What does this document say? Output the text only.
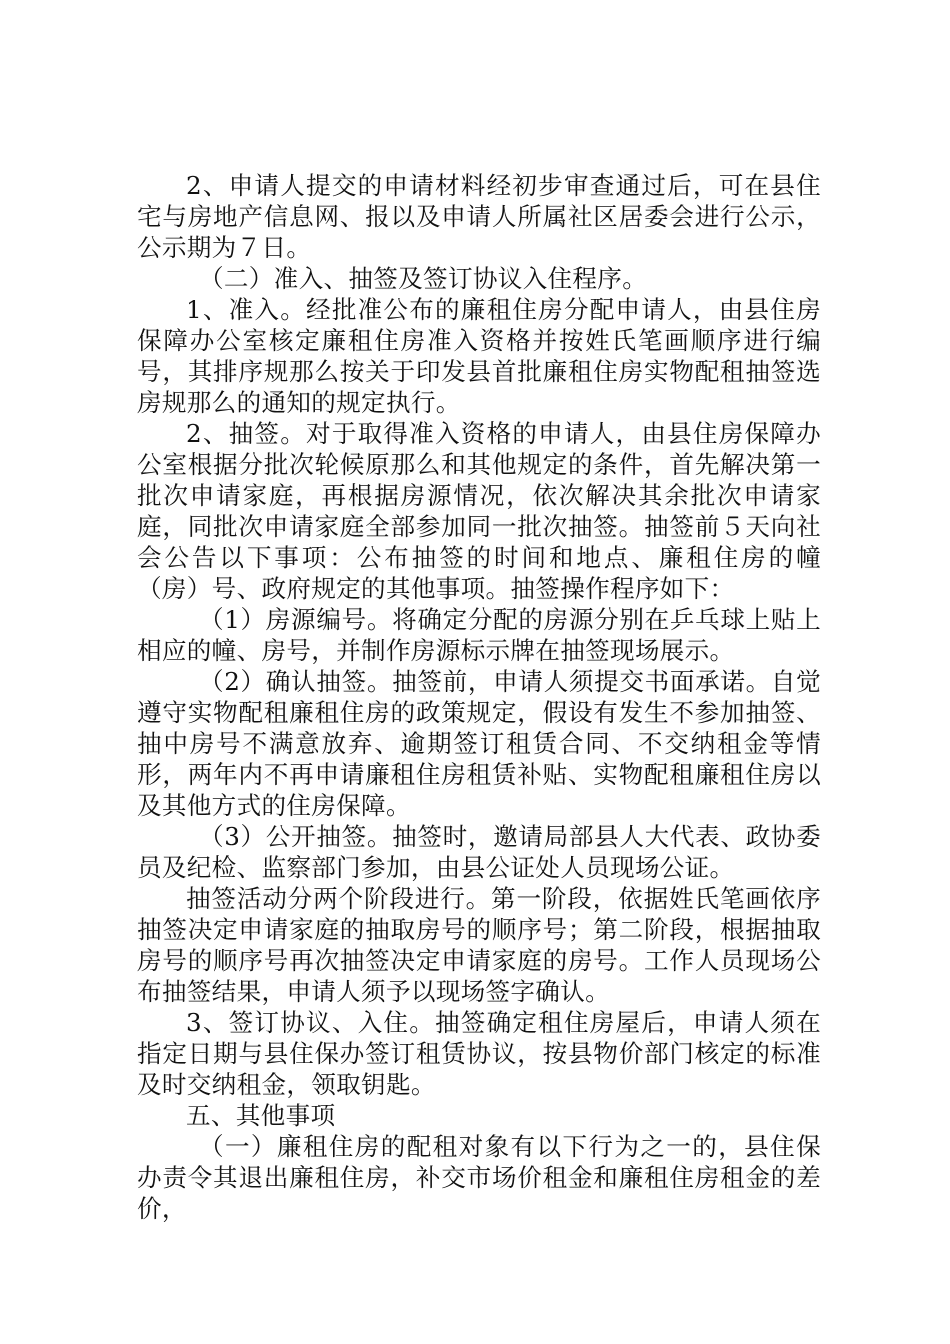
2、申请人提交的申请材料经初步审查通过后，可在县住宅与房地产信息网、报以及申请人所属社区居委会进行公示，公示期为７日。

（二）准入、抽签及签订协议入住程序。

1、准入。经批准公布的廉租住房分配申请人，由县住房保障办公室核定廉租住房准入资格并按姓氏笔画顺序进行编号，其排序规那么按关于印发县首批廉租住房实物配租抽签选房规那么的通知的规定执行。

2、抽签。对于取得准入资格的申请人，由县住房保障办公室根据分批次轮候原那么和其他规定的条件，首先解决第一批次申请家庭，再根据房源情况，依次解决其余批次申请家庭，同批次申请家庭全部参加同一批次抽签。抽签前５天向社会公告以下事项：公布抽签的时间和地点、廉租住房的幢（房）号、政府规定的其他事项。抽签操作程序如下：

（1）房源编号。将确定分配的房源分别在乒乓球上贴上相应的幢、房号，并制作房源标示牌在抽签现场展示。

（2）确认抽签。抽签前，申请人须提交书面承诺。自觉遵守实物配租廉租住房的政策规定，假设有发生不参加抽签、抽中房号不满意放弃、逾期签订租赁合同、不交纳租金等情形，两年内不再申请廉租住房租赁补贴、实物配租廉租住房以及其他方式的住房保障。

（3）公开抽签。抽签时，邀请局部县人大代表、政协委员及纪检、监察部门参加，由县公证处人员现场公证。

抽签活动分两个阶段进行。第一阶段，依据姓氏笔画依序抽签决定申请家庭的抽取房号的顺序号；第二阶段，根据抽取房号的顺序号再次抽签决定申请家庭的房号。工作人员现场公布抽签结果，申请人须予以现场签字确认。

3、签订协议、入住。抽签确定租住房屋后，申请人须在指定日期与县住保办签订租赁协议，按县物价部门核定的标准及时交纳租金，领取钥匙。

五、其他事项

（一）廉租住房的配租对象有以下行为之一的，县住保办责令其退出廉租住房，补交市场价租金和廉租住房租金的差价，
